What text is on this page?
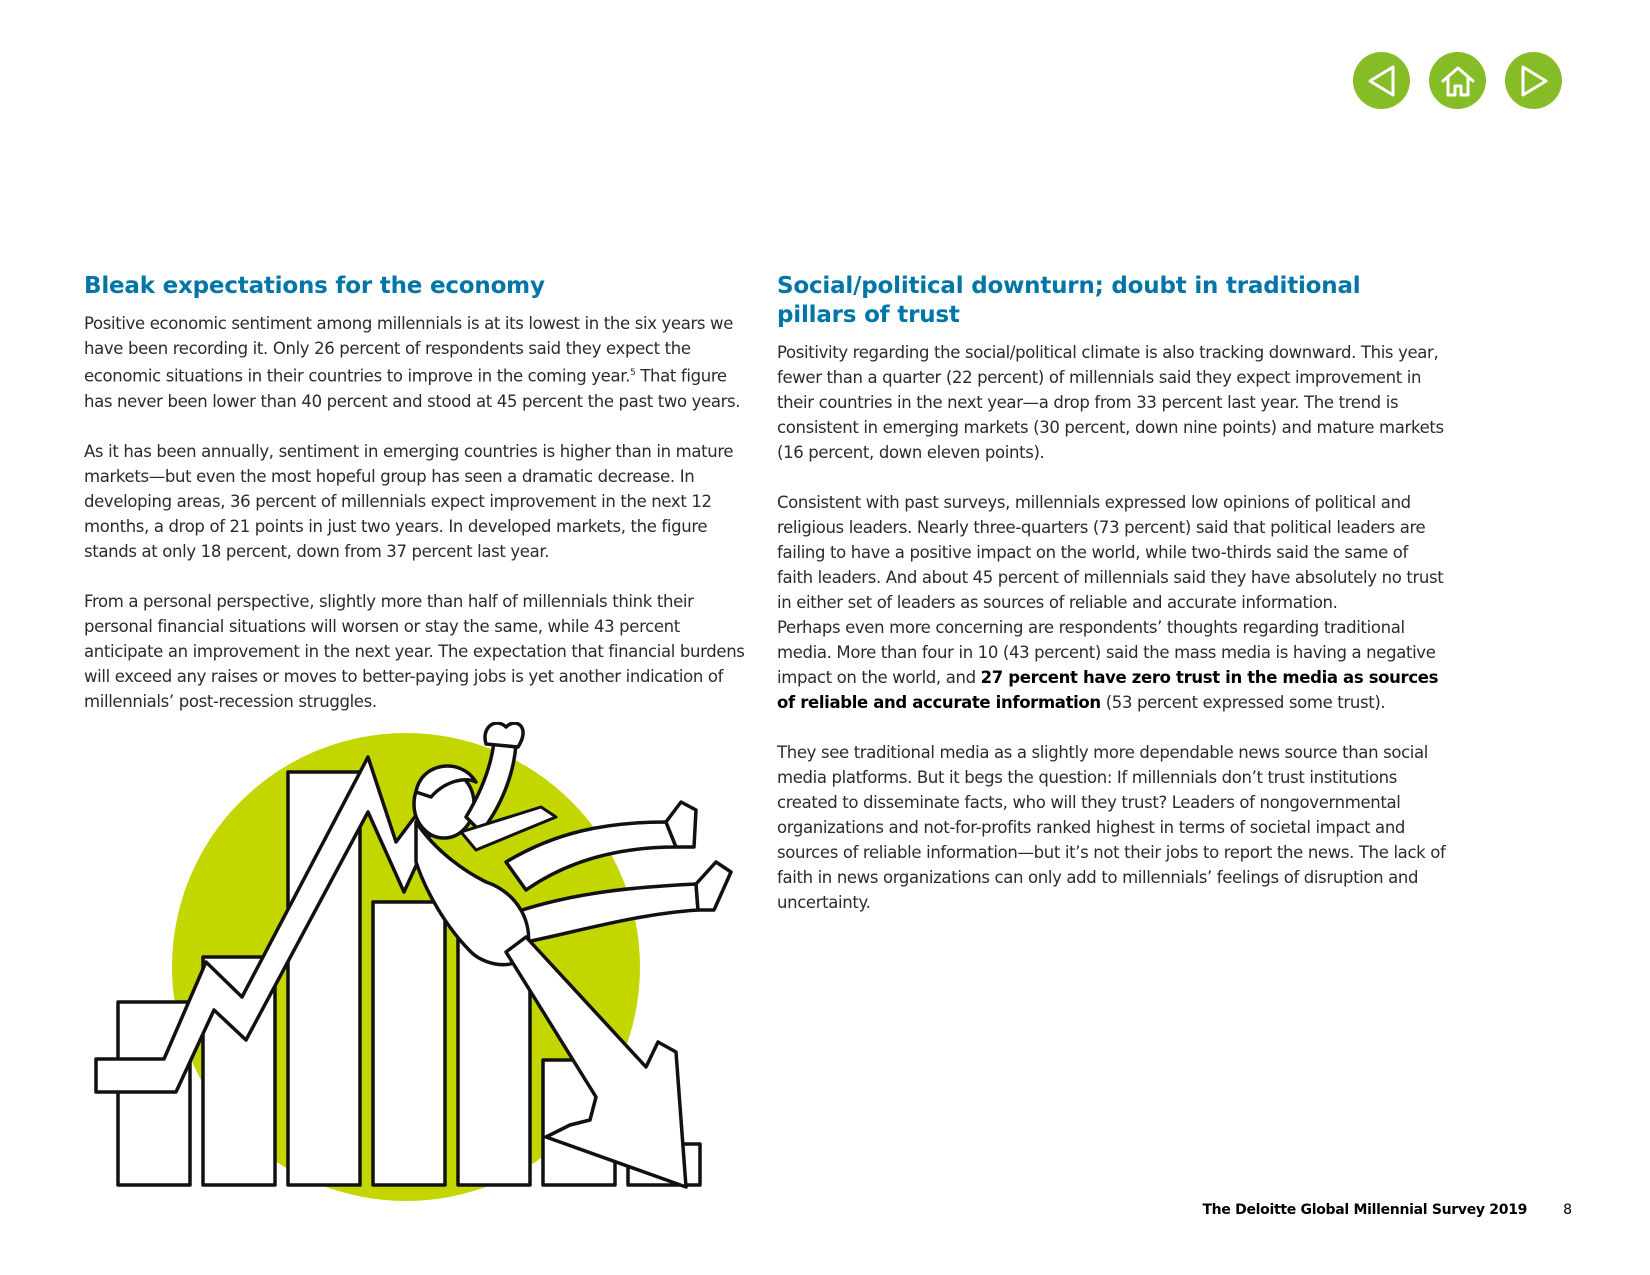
Bleak expectations for the economy

Positive economic sentiment among millennials is at its lowest in the six years we have been recording it. Only 26 percent of respondents said they expect the economic situations in their countries to improve in the coming year.$^5$ That figure has never been lower than 40 percent and stood at 45 percent the past two years.

As it has been annually, sentiment in emerging countries is higher than in mature markets—but even the most hopeful group has seen a dramatic decrease. In developing areas, 36 percent of millennials expect improvement in the next 12 months, a drop of 21 points in just two years. In developed markets, the figure stands at only 18 percent, down from 37 percent last year.

From a personal perspective, slightly more than half of millennials think their personal financial situations will worsen or stay the same, while 43 percent anticipate an improvement in the next year. The expectation that financial burdens will exceed any raises or moves to better-paying jobs is yet another indication of millennials’ post-recession struggles.

Social/political downturn; doubt in traditional pillars of trust

Positivity regarding the social/political climate is also tracking downward. This year, fewer than a quarter (22 percent) of millennials said they expect improvement in their countries in the next year—a drop from 33 percent last year. The trend is consistent in emerging markets (30 percent, down nine points) and mature markets (16 percent, down eleven points).

Consistent with past surveys, millennials expressed low opinions of political and religious leaders. Nearly three-quarters (73 percent) said that political leaders are failing to have a positive impact on the world, while two-thirds said the same of faith leaders. And about 45 percent of millennials said they have absolutely no trust in either set of leaders as sources of reliable and accurate information.

Perhaps even more concerning are respondents’ thoughts regarding traditional media. More than four in 10 (43 percent) said the mass media is having a negative impact on the world, and 27 percent have zero trust in the media as sources of reliable and accurate information (53 percent expressed some trust).

They see traditional media as a slightly more dependable news source than social media platforms. But it begs the question: If millennials don’t trust institutions created to disseminate facts, who will they trust? Leaders of nongovernmental organizations and not-for-profits ranked highest in terms of societal impact and sources of reliable information—but it’s not their jobs to report the news. The lack of faith in news organizations can only add to millennials’ feelings of disruption and uncertainty.

The Deloitte Global Millennial Survey 2019	8
